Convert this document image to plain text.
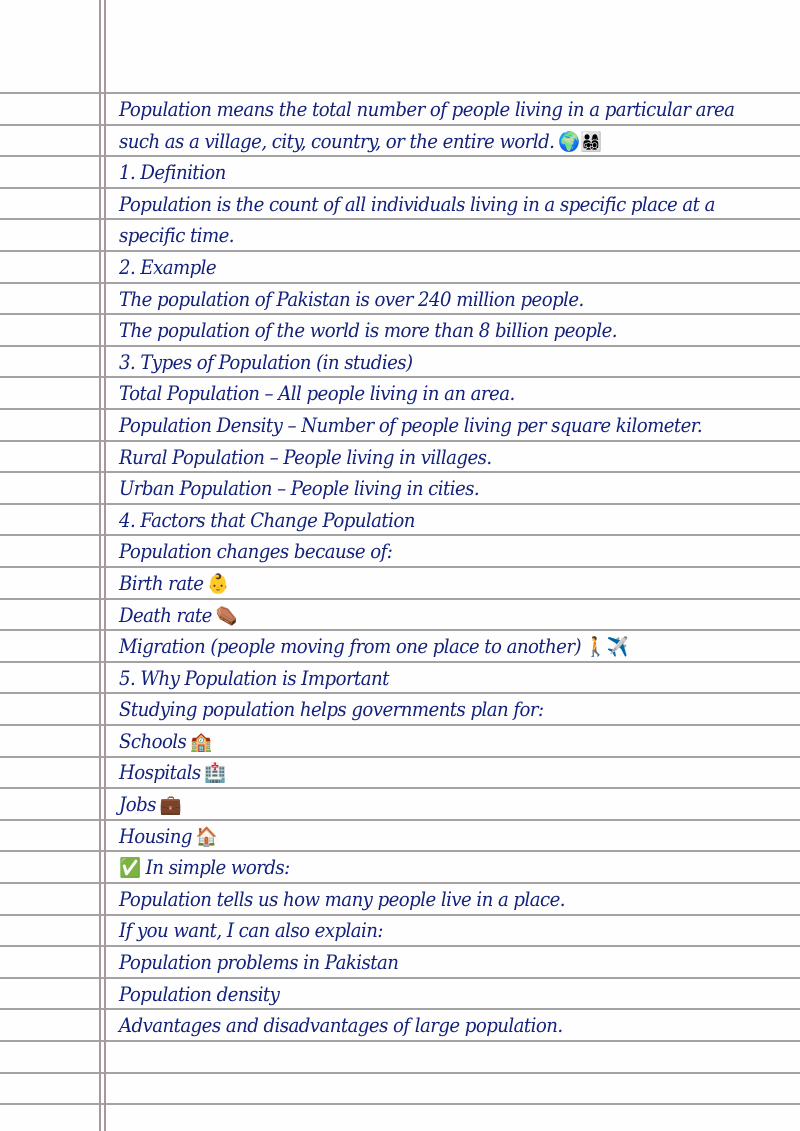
Population means the total number of people living in a particular area
such as a village, city, country, or the entire world. 🌍👨‍👩‍👧‍👦
1. Definition
Population is the count of all individuals living in a specific place at a
specific time.
2. Example
The population of Pakistan is over 240 million people.
The population of the world is more than 8 billion people.
3. Types of Population (in studies)
Total Population – All people living in an area.
Population Density – Number of people living per square kilometer.
Rural Population – People living in villages.
Urban Population – People living in cities.
4. Factors that Change Population
Population changes because of:
Birth rate 👶
Death rate ⚰️
Migration (people moving from one place to another) 🚶✈️
5. Why Population is Important
Studying population helps governments plan for:
Schools 🏫
Hospitals 🏥
Jobs 💼
Housing 🏠
✅ In simple words:
Population tells us how many people live in a place.
If you want, I can also explain:
Population problems in Pakistan
Population density
Advantages and disadvantages of large population.
